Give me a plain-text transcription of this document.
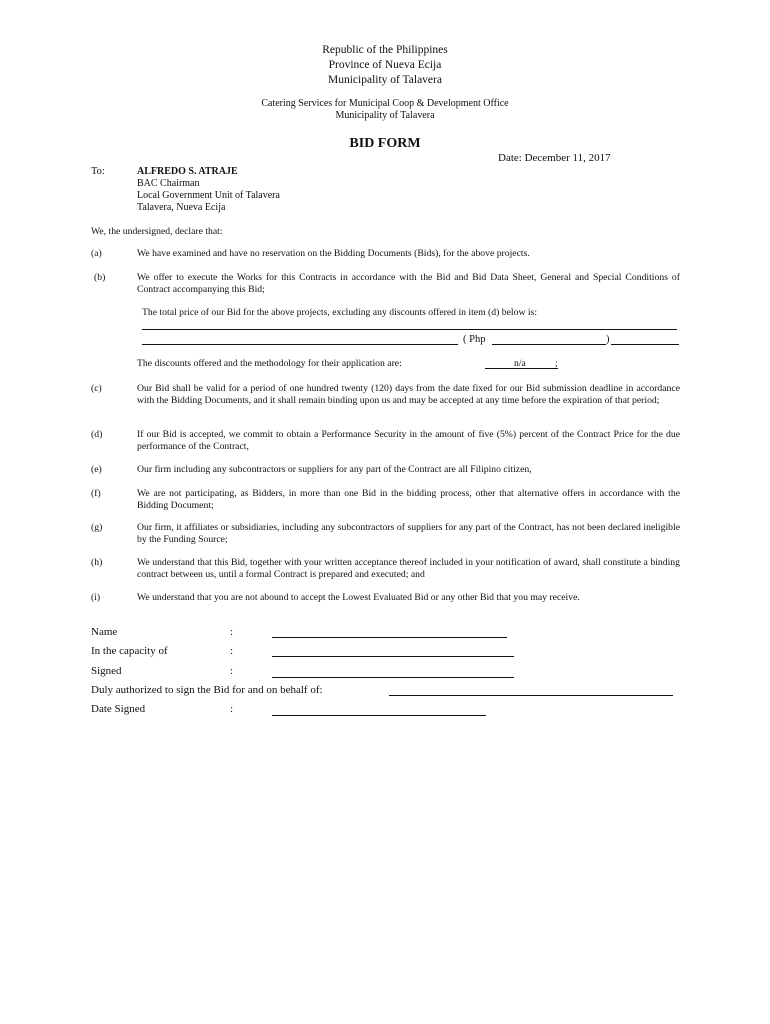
Republic of the Philippines
Province of Nueva Ecija
Municipality of Talavera
Catering Services for Municipal Coop & Development Office
Municipality of Talavera
BID FORM
Date: December 11, 2017
To:	ALFREDO S. ATRAJE
BAC Chairman
Local Government Unit of Talavera
Talavera, Nueva Ecija
We, the undersigned, declare that:
(a)	We have examined and have no reservation on the Bidding Documents (Bids), for the above projects.
(b)	We offer to execute the Works for this Contracts in accordance with the Bid and Bid Data Sheet, General and Special Conditions of Contract accompanying this Bid;
The total price of our Bid for the above projects, excluding any discounts offered in item (d) below is:
( Php	)
The discounts offered and the methodology for their application are:	n/a	;
(c)	Our Bid shall be valid for a period of one hundred twenty (120) days from the date fixed for our Bid submission deadline in accordance with the Bidding Documents, and it shall remain binding upon us and may be accepted at any time before the expiration of that period;
(d)	If our Bid is accepted, we commit to obtain a Performance Security in the amount of five (5%) percent of the Contract Price for the due performance of the Contract,
(e)	Our firm including any subcontractors or suppliers for any part of the Contract are all Filipino citizen,
(f)	We are not participating, as Bidders, in more than one Bid in the bidding process, other that alternative offers in accordance with the Bidding Document;
(g)	Our firm, it affiliates or subsidiaries, including any subcontractors of suppliers for any part of the Contract, has not been declared ineligible by the Funding Source;
(h)	We understand that this Bid, together with your written acceptance thereof included in your notification of award, shall constitute a binding contract between us, until a formal Contract is prepared and executed; and
(i)	We understand that you are not abound to accept the Lowest Evaluated Bid or any other Bid that you may receive.
Name	:
In the capacity of	:
Signed	:
Duly authorized to sign the Bid for and on behalf of:
Date Signed	:
